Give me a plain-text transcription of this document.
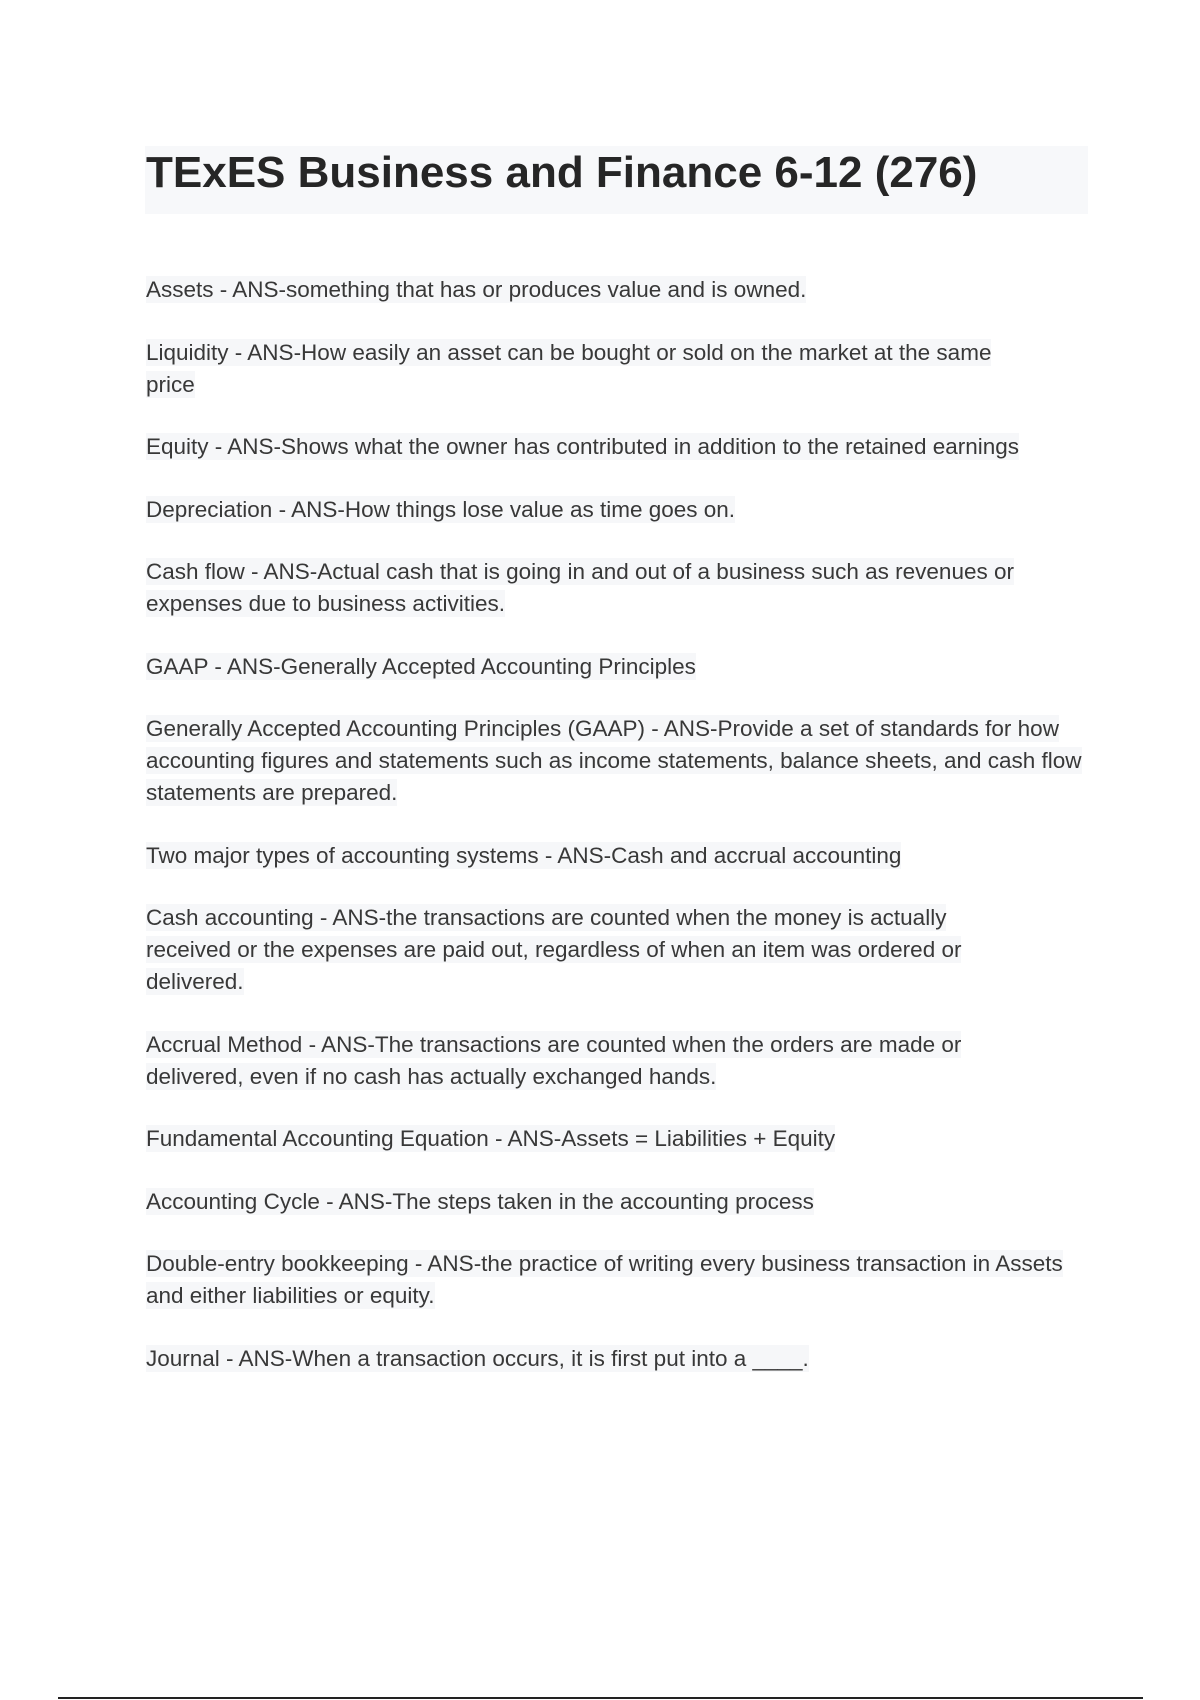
TExES Business and Finance 6-12 (276)

Assets - ANS-something that has or produces value and is owned.

Liquidity - ANS-How easily an asset can be bought or sold on the market at the same price

Equity - ANS-Shows what the owner has contributed in addition to the retained earnings

Depreciation - ANS-How things lose value as time goes on.

Cash flow - ANS-Actual cash that is going in and out of a business such as revenues or expenses due to business activities.

GAAP - ANS-Generally Accepted Accounting Principles

Generally Accepted Accounting Principles (GAAP) - ANS-Provide a set of standards for how accounting figures and statements such as income statements, balance sheets, and cash flow statements are prepared.

Two major types of accounting systems - ANS-Cash and accrual accounting

Cash accounting - ANS-the transactions are counted when the money is actually received or the expenses are paid out, regardless of when an item was ordered or delivered.

Accrual Method - ANS-The transactions are counted when the orders are made or delivered, even if no cash has actually exchanged hands.

Fundamental Accounting Equation - ANS-Assets = Liabilities + Equity

Accounting Cycle - ANS-The steps taken in the accounting process

Double-entry bookkeeping - ANS-the practice of writing every business transaction in Assets and either liabilities or equity.

Journal - ANS-When a transaction occurs, it is first put into a ____.
